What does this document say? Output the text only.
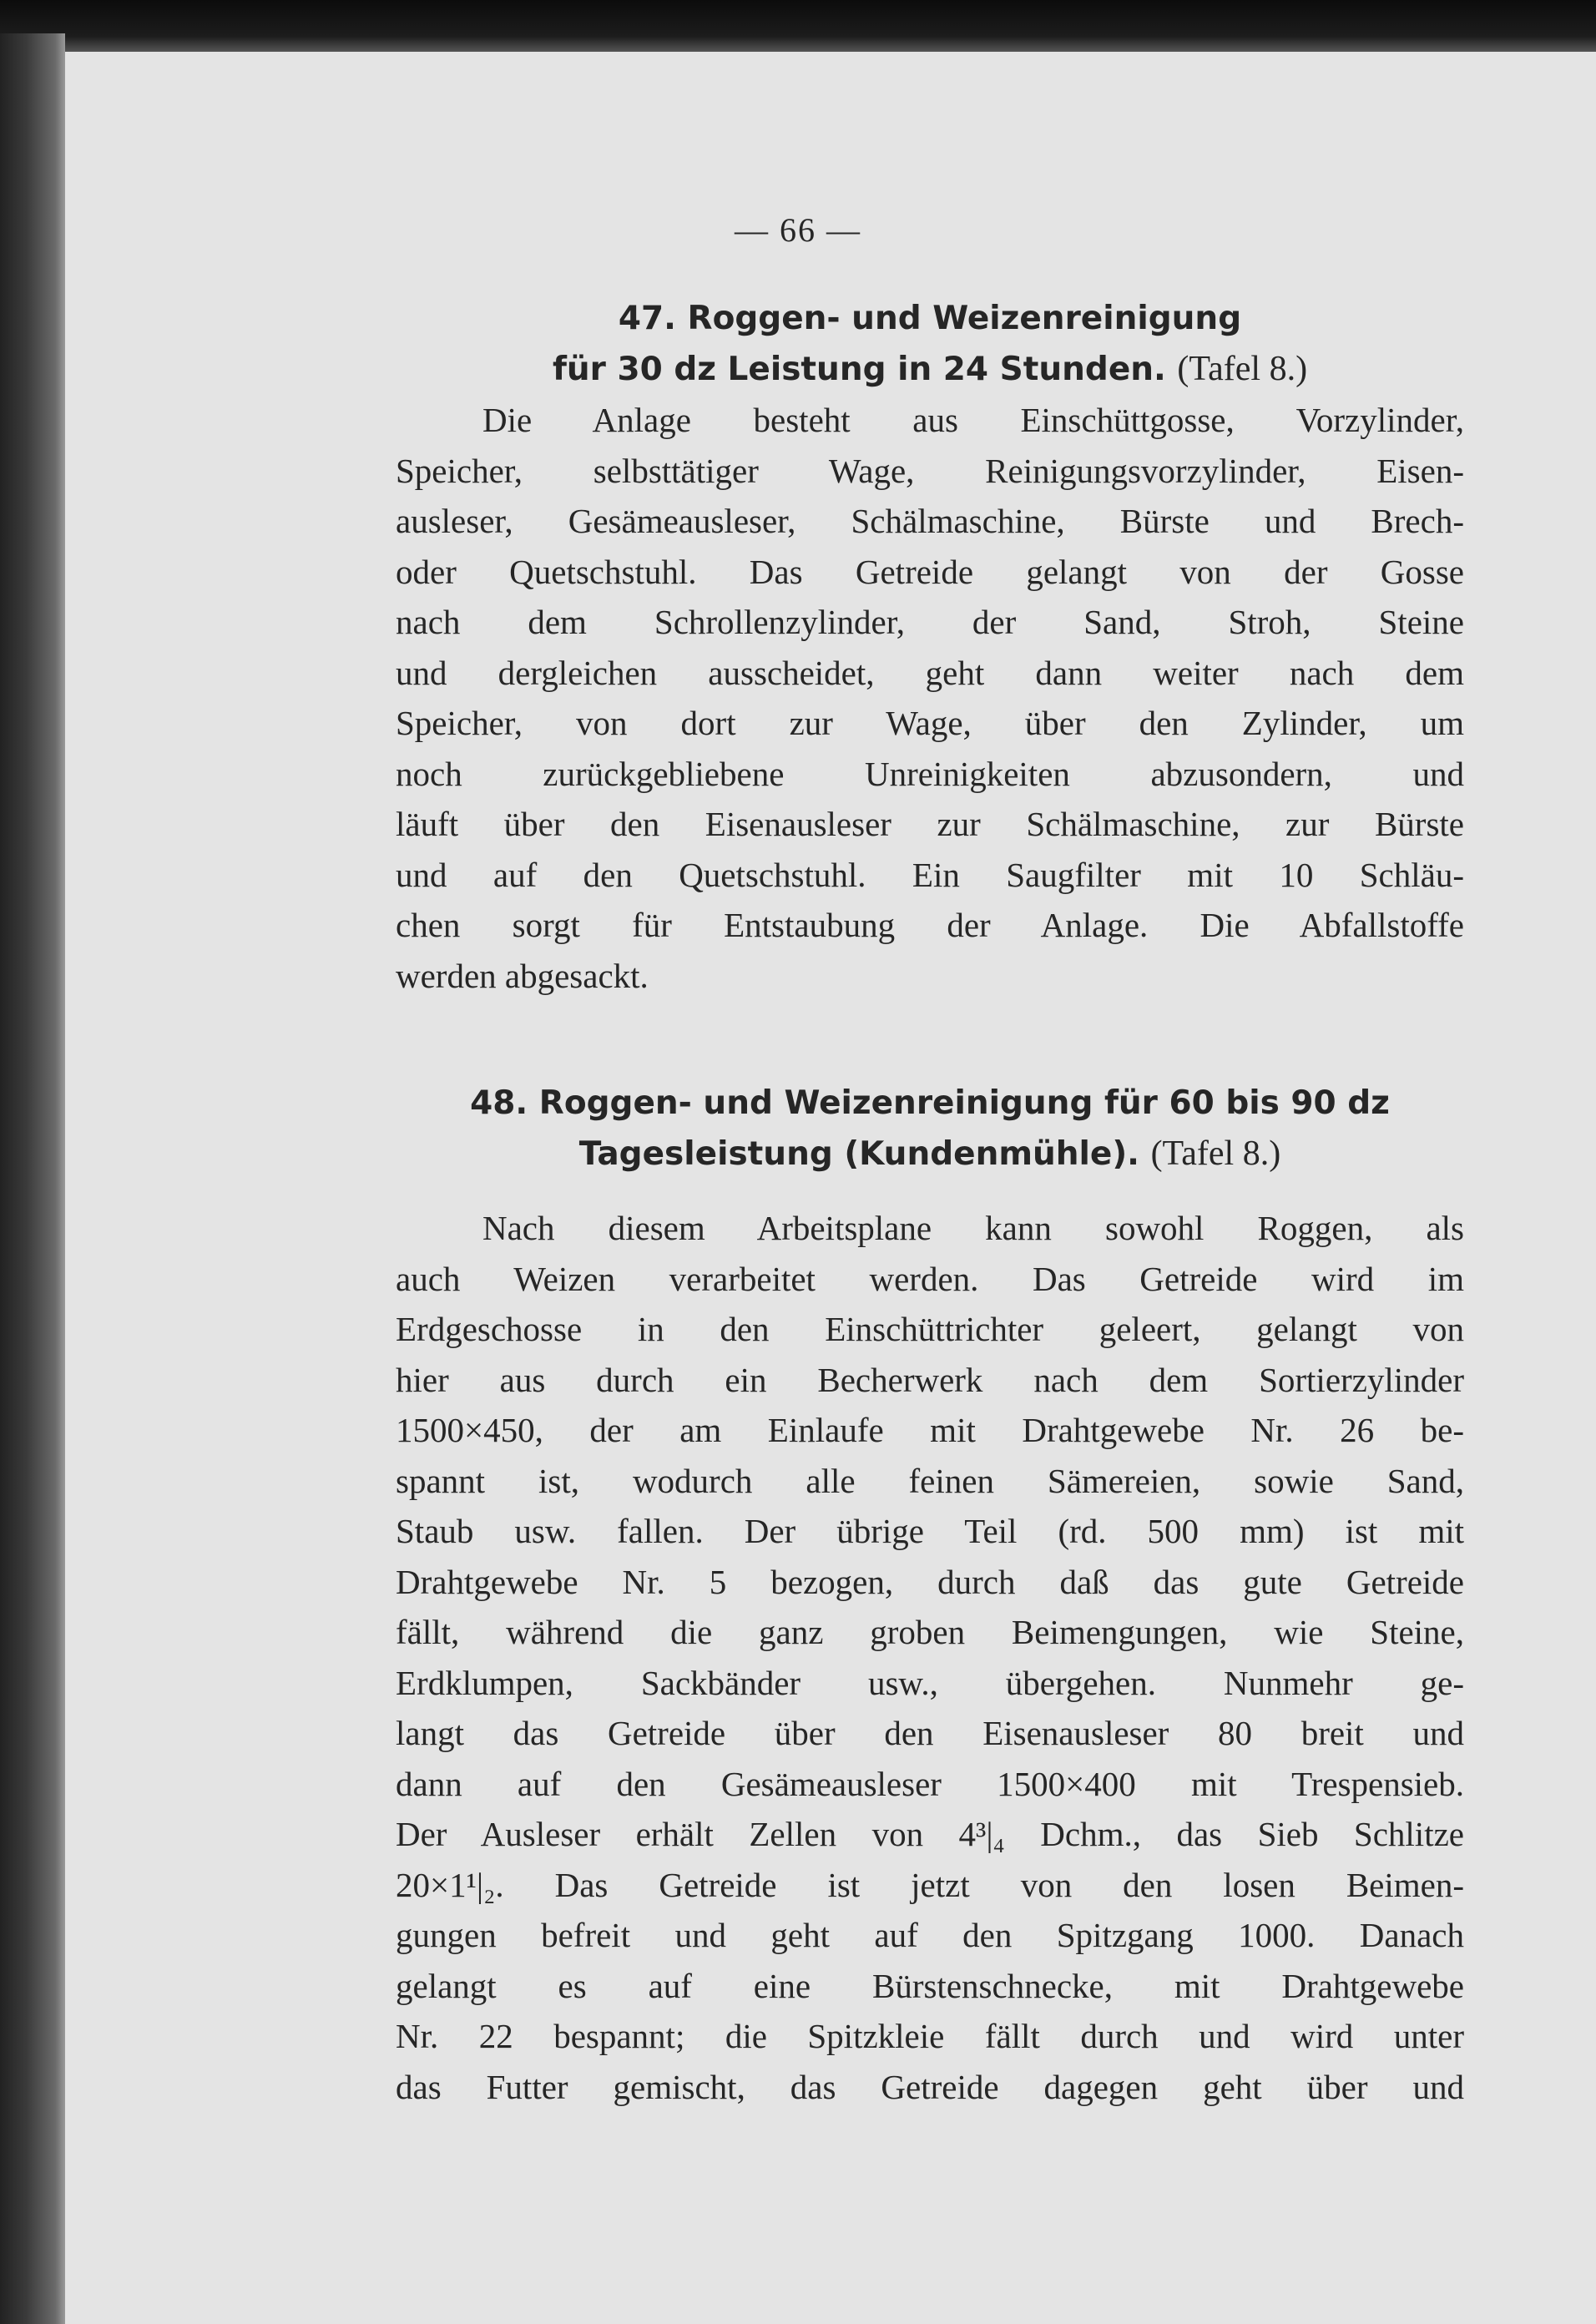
— 66 —
47. Roggen- und Weizenreinigung
für 30 dz Leistung in 24 Stunden. (Tafel 8.)
Die Anlage besteht aus Einschüttgosse, Vorzylinder,
Speicher, selbsttätiger Wage, Reinigungsvorzylinder, Eisen-
ausleser, Gesämeausleser, Schälmaschine, Bürste und Brech-
oder Quetschstuhl. Das Getreide gelangt von der Gosse
nach dem Schrollenzylinder, der Sand, Stroh, Steine
und dergleichen ausscheidet, geht dann weiter nach dem
Speicher, von dort zur Wage, über den Zylinder, um
noch zurückgebliebene Unreinigkeiten abzusondern, und
läuft über den Eisenausleser zur Schälmaschine, zur Bürste
und auf den Quetschstuhl. Ein Saugfilter mit 10 Schläu-
chen sorgt für Entstaubung der Anlage. Die Abfallstoffe
werden abgesackt.
48. Roggen- und Weizenreinigung für 60 bis 90 dz
Tagesleistung (Kundenmühle). (Tafel 8.)
Nach diesem Arbeitsplane kann sowohl Roggen, als
auch Weizen verarbeitet werden. Das Getreide wird im
Erdgeschosse in den Einschüttrichter geleert, gelangt von
hier aus durch ein Becherwerk nach dem Sortierzylinder
1500×450, der am Einlaufe mit Drahtgewebe Nr. 26 be-
spannt ist, wodurch alle feinen Sämereien, sowie Sand,
Staub usw. fallen. Der übrige Teil (rd. 500 mm) ist mit
Drahtgewebe Nr. 5 bezogen, durch daß das gute Getreide
fällt, während die ganz groben Beimengungen, wie Steine,
Erdklumpen, Sackbänder usw., übergehen. Nunmehr ge-
langt das Getreide über den Eisenausleser 80 breit und
dann auf den Gesämeausleser 1500×400 mit Trespensieb.
Der Ausleser erhält Zellen von 4³|₄ Dchm., das Sieb Schlitze
20×1¹|₂. Das Getreide ist jetzt von den losen Beimen-
gungen befreit und geht auf den Spitzgang 1000. Danach
gelangt es auf eine Bürstenschnecke, mit Drahtgewebe
Nr. 22 bespannt; die Spitzkleie fällt durch und wird unter
das Futter gemischt, das Getreide dagegen geht über und
